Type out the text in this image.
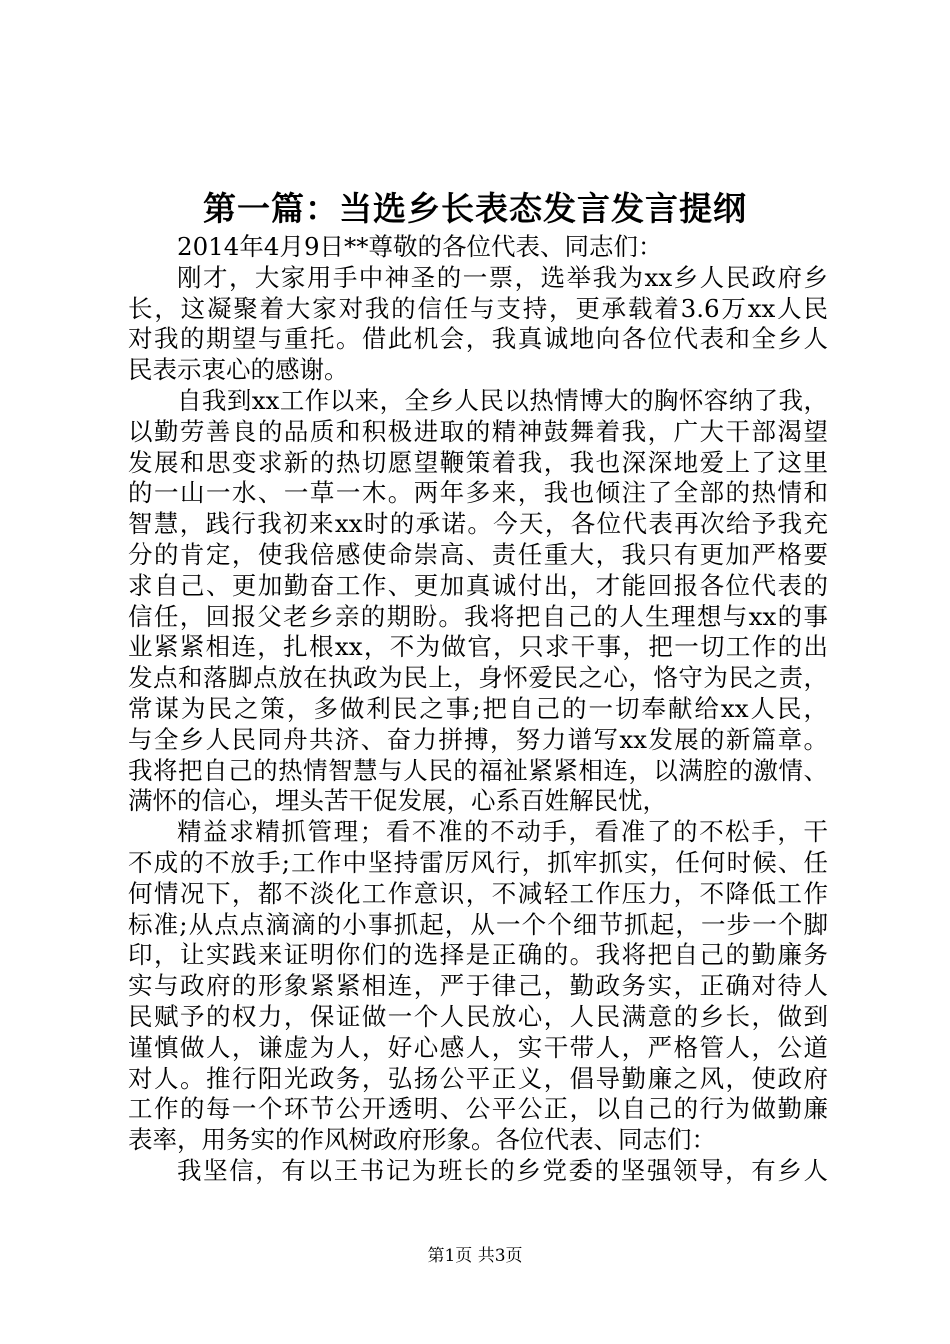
第一篇：当选乡长表态发言发言提纲
2014年4月9日**尊敬的各位代表、同志们：
刚才，大家用手中神圣的一票，选举我为xx乡人民政府乡
长，这凝聚着大家对我的信任与支持，更承载着3.6万xx人民
对我的期望与重托。借此机会，我真诚地向各位代表和全乡人
民表示衷心的感谢。
自我到xx工作以来，全乡人民以热情博大的胸怀容纳了我，
以勤劳善良的品质和积极进取的精神鼓舞着我，广大干部渴望
发展和思变求新的热切愿望鞭策着我，我也深深地爱上了这里
的一山一水、一草一木。两年多来，我也倾注了全部的热情和
智慧，践行我初来xx时的承诺。今天，各位代表再次给予我充
分的肯定，使我倍感使命崇高、责任重大，我只有更加严格要
求自己、更加勤奋工作、更加真诚付出，才能回报各位代表的
信任，回报父老乡亲的期盼。我将把自己的人生理想与xx的事
业紧紧相连，扎根xx，不为做官，只求干事，把一切工作的出
发点和落脚点放在执政为民上，身怀爱民之心，恪守为民之责，
常谋为民之策，多做利民之事;把自己的一切奉献给xx人民，
与全乡人民同舟共济、奋力拼搏，努力谱写xx发展的新篇章。
我将把自己的热情智慧与人民的福祉紧紧相连，以满腔的激情、
满怀的信心，埋头苦干促发展，心系百姓解民忧，
精益求精抓管理；看不准的不动手，看准了的不松手，干
不成的不放手;工作中坚持雷厉风行，抓牢抓实，任何时候、任
何情况下，都不淡化工作意识，不减轻工作压力，不降低工作
标准;从点点滴滴的小事抓起，从一个个细节抓起，一步一个脚
印，让实践来证明你们的选择是正确的。我将把自己的勤廉务
实与政府的形象紧紧相连，严于律己，勤政务实，正确对待人
民赋予的权力，保证做一个人民放心，人民满意的乡长，做到
谨慎做人，谦虚为人，好心感人，实干带人，严格管人，公道
对人。推行阳光政务，弘扬公平正义，倡导勤廉之风，使政府
工作的每一个环节公开透明、公平公正，以自己的行为做勤廉
表率，用务实的作风树政府形象。各位代表、同志们：
我坚信，有以王书记为班长的乡党委的坚强领导，有乡人
第1页 共3页
